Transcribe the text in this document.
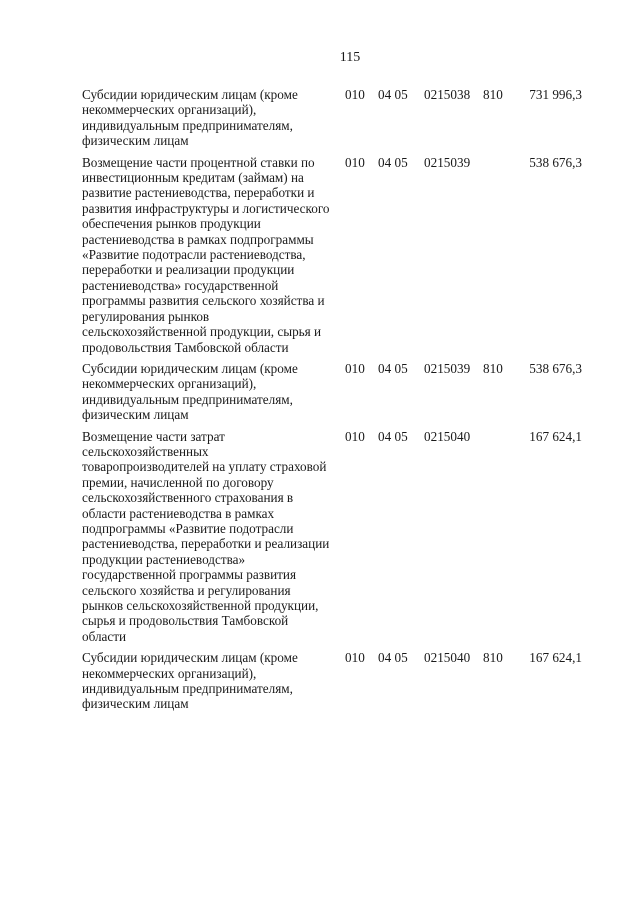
115
Субсидии юридическим лицам (кроме некоммерческих организаций), индивидуальным предпринимателям, физическим лицам
010 04 05 0215038 810 731 996,3
Возмещение части процентной ставки по инвестиционным кредитам (займам) на развитие растениеводства, переработки и развития инфраструктуры и логистического обеспечения рынков продукции растениеводства в рамках подпрограммы «Развитие подотрасли растениеводства, переработки и реализации продукции растениеводства» государственной программы развития сельского хозяйства и регулирования рынков сельскохозяйственной продукции, сырья и продовольствия Тамбовской области
010 04 05 0215039	538 676,3
Субсидии юридическим лицам (кроме некоммерческих организаций), индивидуальным предпринимателям, физическим лицам
010 04 05 0215039 810 538 676,3
Возмещение части затрат сельскохозяйственных товаропроизводителей на уплату страховой премии, начисленной по договору сельскохозяйственного страхования в области растениеводства в рамках подпрограммы «Развитие подотрасли растениеводства, переработки и реализации продукции растениеводства» государственной программы развития сельского хозяйства и регулирования рынков сельскохозяйственной продукции, сырья и продовольствия Тамбовской области
010 04 05 0215040	167 624,1
Субсидии юридическим лицам (кроме некоммерческих организаций), индивидуальным предпринимателям, физическим лицам
010 04 05 0215040 810 167 624,1
